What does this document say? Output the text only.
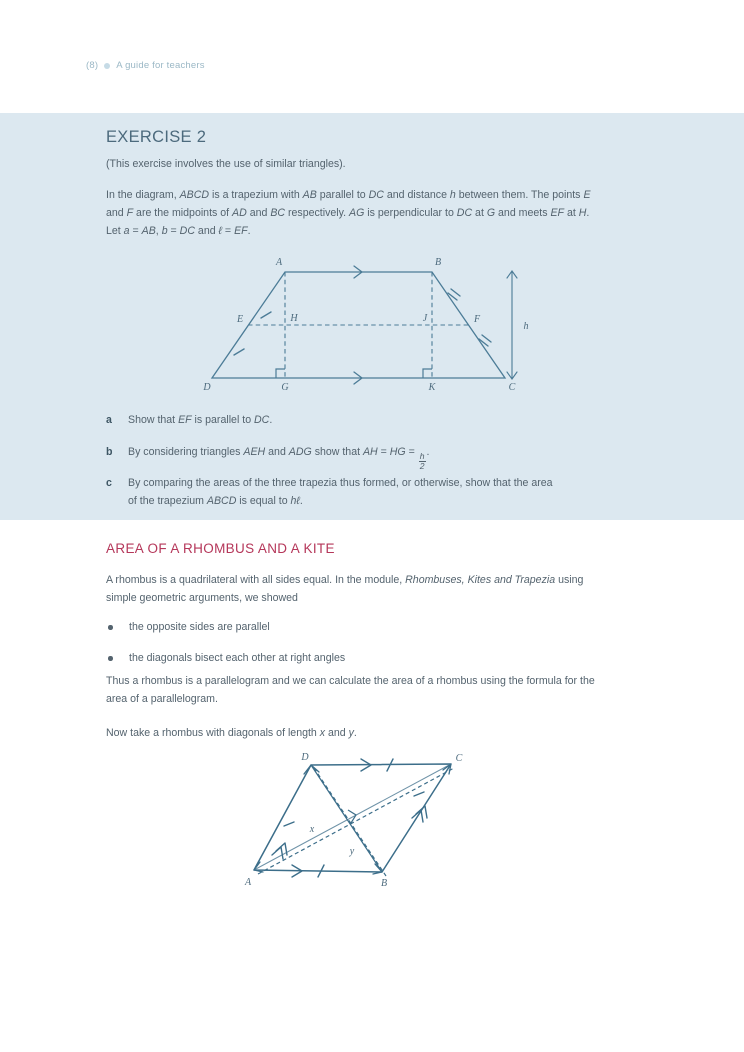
(8) A guide for teachers
EXERCISE 2

(This exercise involves the use of similar triangles).

In the diagram, ABCD is a trapezium with AB parallel to DC and distance h between them. The points E and F are the midpoints of AD and BC respectively. AG is perpendicular to DC at G and meets EF at H. Let a = AB, b = DC and ℓ = EF.

A	B
C
D
E	F
G
H	J
K
h
a	Show that EF is parallel to DC.
b	By considering triangles AEH and ADG show that AH = HG = $\frac{h}{2}$ .
c	By comparing the areas of the three trapezia thus formed, or otherwise, show that the area of the trapezium ABCD is equal to hℓ.
AREA OF A RHOMBUS AND A KITE

A rhombus is a quadrilateral with all sides equal. In the module, Rhombuses, Kites and Trapezia using simple geometric arguments, we showed

the opposite sides are parallel
the diagonals bisect each other at right angles

Thus a rhombus is a parallelogram and we can calculate the area of a rhombus using the formula for the area of a parallelogram.

Now take a rhombus with diagonals of length x and y.

A	B
C
D
x
y
